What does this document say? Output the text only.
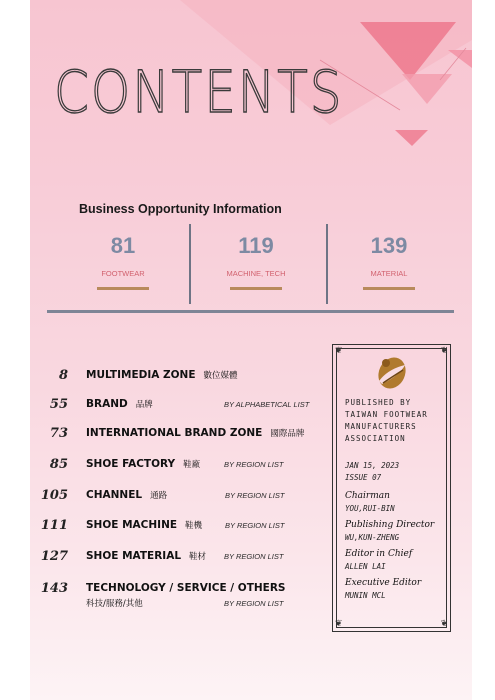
CONTENTS
Business Opportunity Information
81
FOOTWEAR
119
MACHINE, TECH
139
MATERIAL
8 MULTIMEDIA ZONE 數位媒體
55 BRAND 品牌	BY ALPHABETICAL LIST
73 INTERNATIONAL BRAND ZONE 國際品牌
85 SHOE FACTORY 鞋廠	BY REGION LIST
105 CHANNEL 通路	BY REGION LIST
111 SHOE MACHINE 鞋機	BY REGION LIST
127 SHOE MATERIAL 鞋材 BY REGION LIST
143 TECHNOLOGY / SERVICE / OTHERS
科技/服務/其他	BY REGION LIST
❦	❦
❦	❦
PUBLISHED BY
TAIWAN FOOTWEAR
MANUFACTURERS
ASSOCIATION
JAN 15, 2023
ISSUE 07
Chairman
YOU,RUI-BIN
Publishing Director
WU,KUN-ZHENG
Editor in Chief
ALLEN LAI
Executive Editor
MUNIN MCL
